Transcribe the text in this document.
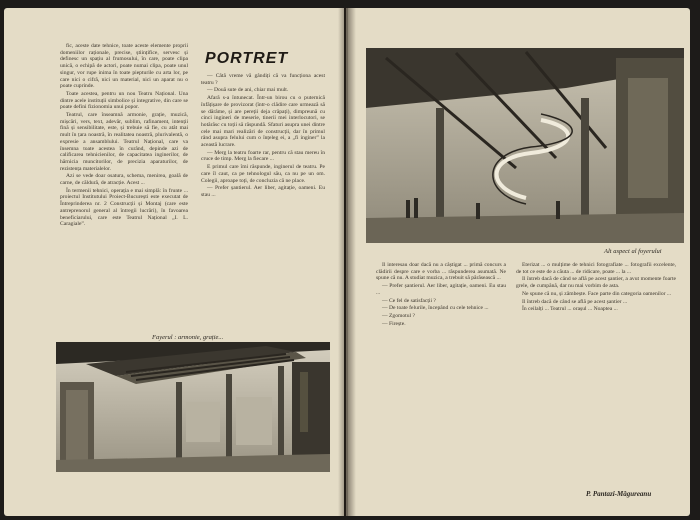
fic, aceste date tehnice, toate aceste elemente proprii domeniilor raționale, precise, științifice, servesc și definesc un spațiu al frumosului, în care, poate clipa unică, o echipă de actori, poate numai clipa, poate unul singur, vor rupe inima în toate piepturile cu arta lor, pe care nici o cifră, nici un material, nici un aparat nu o poate cuprinde.

Toate acestea, pentru un nou Teatru Național. Una dintre acele instituții simbolice și integrative, din care se poate defini fizionomia unui popor.

Teatrul, care înseamnă armonie, grație, muzică, mișcări, vers, text, adevăr, sublim, rafinament, intenții fină și sensibilitate, este, și trebuie să fie, cu atât mai mult în țara noastră, în realitatea noastră, plurivalentă, o expresie a ansamblului. Teatrul Național, care va însemna toate acestea în curând, depinde azi de calificarea tehnicienilor, de capacitatea inginerilor, de hărnicia muncitorilor, de precizia aparaturilor, de rezistența materialelor.

Azi se vede doar osatura, schema, menirea, goală de carne, de căldură, de atracție. Acest ...

În termenii tehnici, operația e mai simplă: în frunte ... proiectul Institutului Proiect-București este executat de Întreprinderea nr. 2 Construcții și Montaj (care este antreprenorul general al întregii lucrări), în favoarea beneficiarului, care este Teatrul Național „I. L. Caragiale”.

PORTRET

— Câtă vreme vă gândiți că va funcționa acest teatru ?

— Două sute de ani, chiar mai mult.

Afară s-a întunecat. Într-un birou cu o puternică înfățișare de provizorat (într-o clădire care urmează să se dărâme, și are pereții deja crăpați), dimpreună cu cinci ingineri de meserie, tinerii mei interlocutori, se hotărăsc cu toții să răspundă. Sfaturi asupra unei dintre cele mai mari realizări de construcții, dar în primul rând asupra felului cum o înțeleg ei, a „fi inginer” la această lucrare.

— Merg la teatru foarte rar, pentru că stau mereu în cruce de timp. Merg la fiecare ...

E primul care îmi răspunde, inginerul de teatru. Pe care îl caut, ca pe tehnologul său, ca nu pe un om. Colegii, aproape toți, de concluzia că ne place.

— Prefer șantierul. Aer liber, agitație, oameni. Eu stau ...

Fayerul : armonie, grație...
Alt aspect al foyerului

Il interesau doar dacă nu a câștigat ... primă concurs a clădirii despre care e vorba ... răspunderea asumată. Ne spune că nu. A studiat muzica, a trebuit să părăsească ...

— Prefer șantierul. Aer liber, agitație, oameni. Eu stau ...

— Ce fel de satisfacții ?

— De toate felurile, începând cu cele tehnice ...

— Zgomotul ?

— Firește.

Eterizat ... o mulțime de tehnici fotografiate ... fotografii excelente, de tot ce este de a căuta ... de ridicare, poate ... la ...

Il întreb dacă de când se află pe acest șantier, a avut momente foarte grele, de cumpănă, dar nu mai vorbim de asta.

Ne spune că nu, și zâmbește. Face parte din categoria oamenilor ...

Il întreb dacă de când se află pe acest șantier ...

În ceilalți ... Teatrul ... orașul ... Noaptea ...

P. Pantazi-Măgureanu
